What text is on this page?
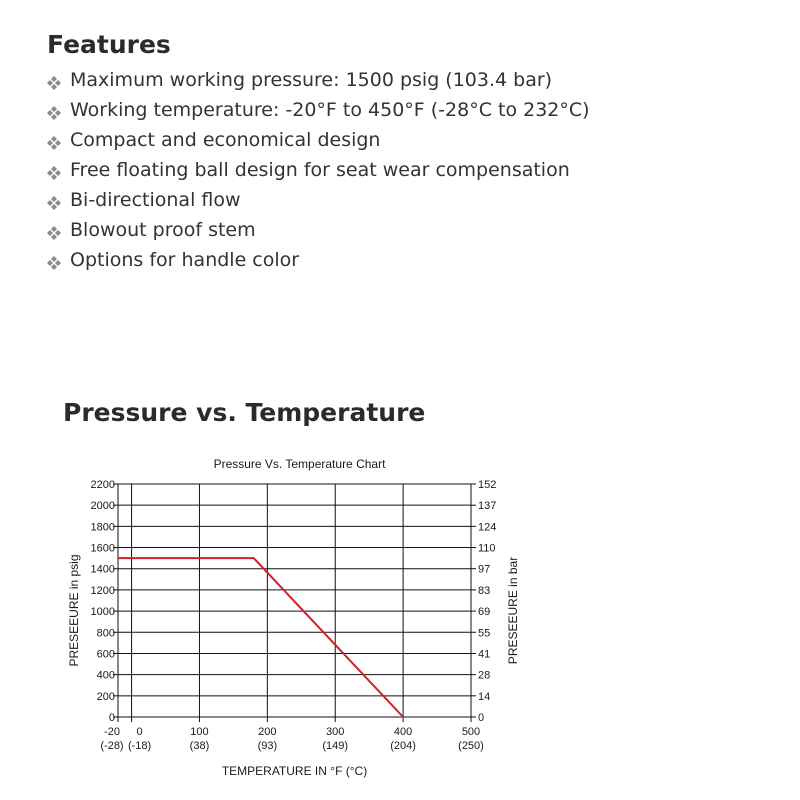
Features
Maximum working pressure: 1500 psig (103.4 bar)
Working temperature: -20°F to 450°F (-28°C to 232°C)
Compact and economical design
Free floating ball design for seat wear compensation
Bi-directional flow
Blowout proof stem
Options for handle color
Pressure vs. Temperature
Pressure Vs. Temperature Chart
0	0
200	14
400	28
600	41
800	55
1000	69
1200	83
1400	97
1600	110
1800	124
2000	137
2200	152
-20
(-28)
0
(-18)
100
(38)
200
(93)
300
(149)
400
(204)
500
(250)
PRESEEURE in psig	PRESEEURE in bar
TEMPERATURE IN °F (°C)
